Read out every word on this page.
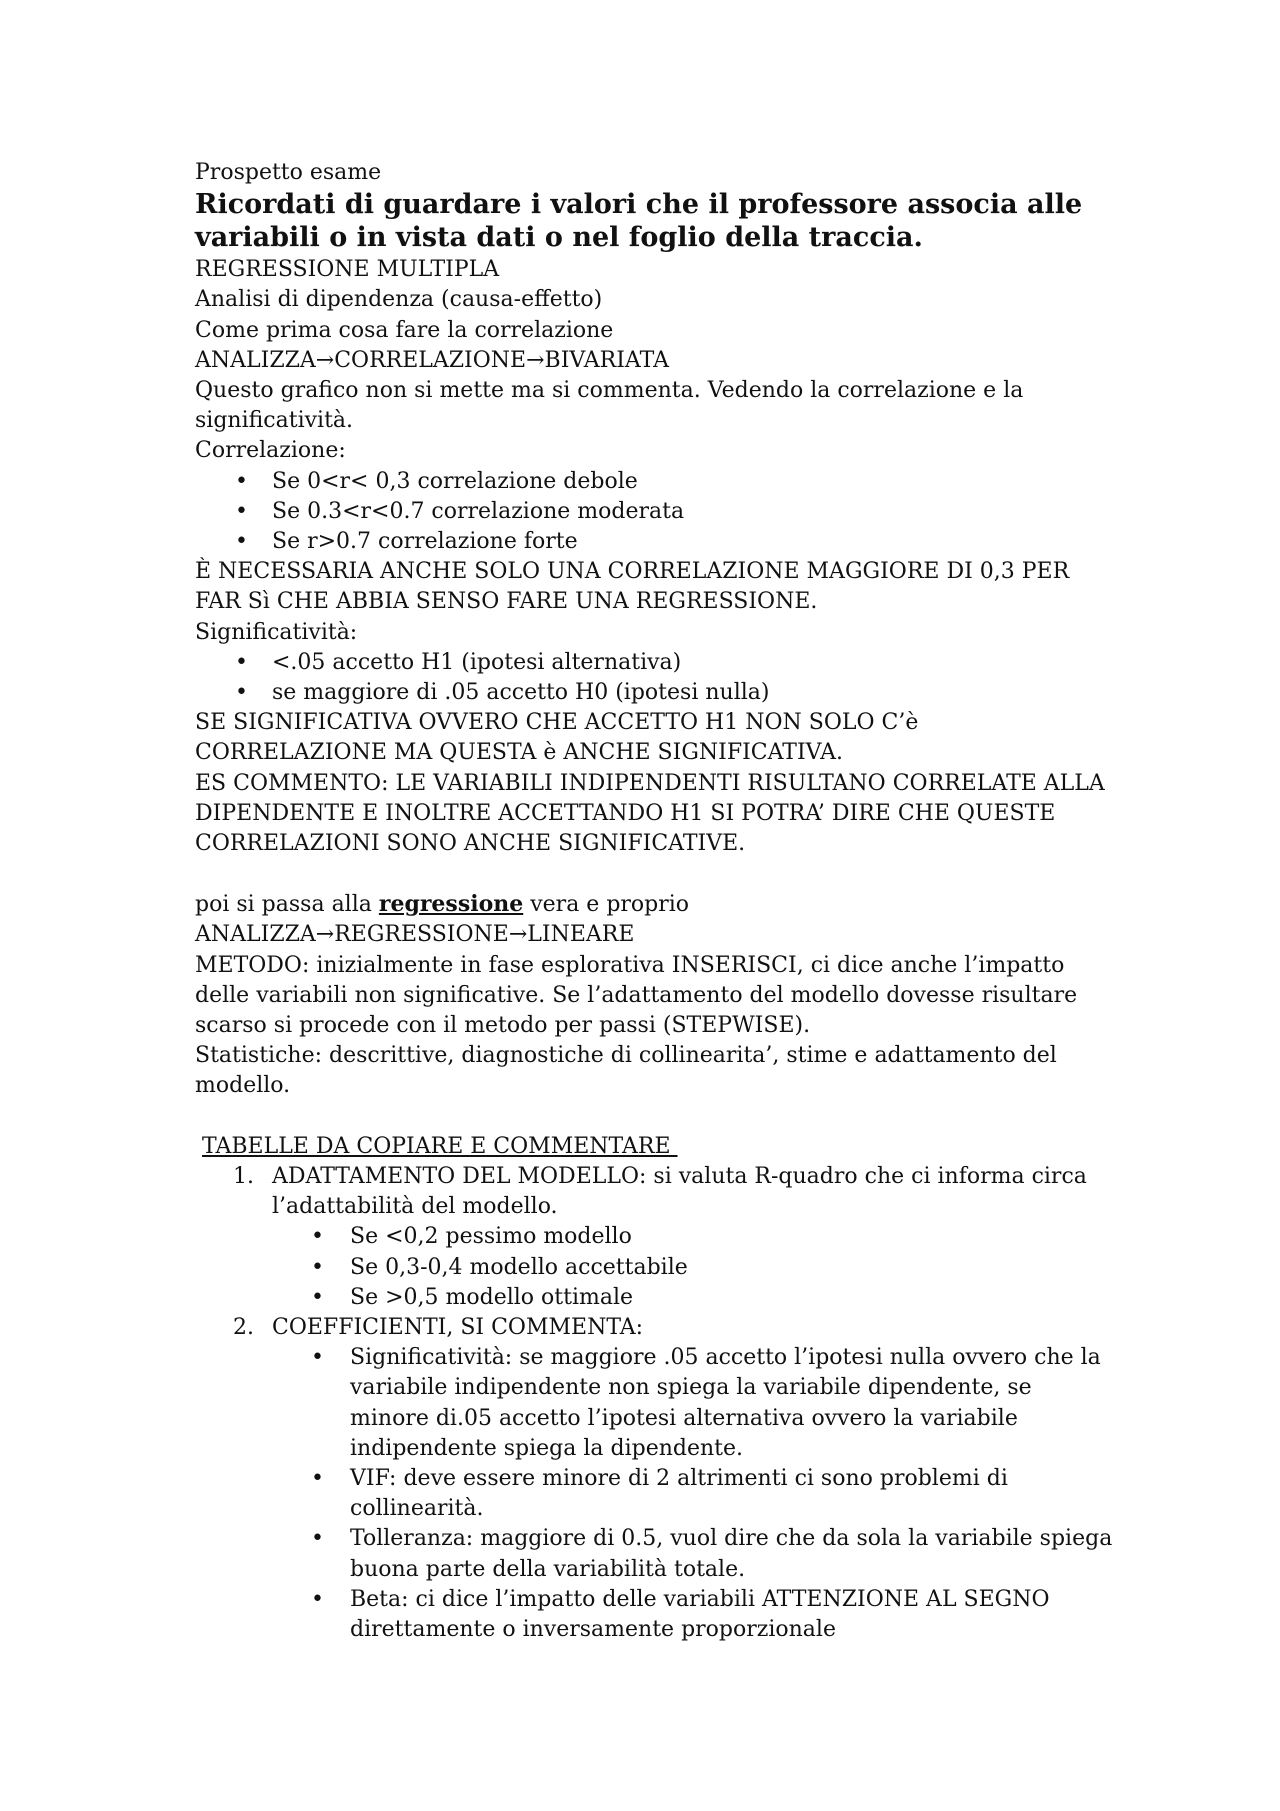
Prospetto esame
Ricordati di guardare i valori che il professore associa alle variabili o in vista dati o nel foglio della traccia.
REGRESSIONE MULTIPLA
Analisi di dipendenza (causa-effetto)
Come prima cosa fare la correlazione
ANALIZZA→CORRELAZIONE→BIVARIATA
Questo grafico non si mette ma si commenta. Vedendo la correlazione e la significatività.
Correlazione:
• Se 0<r< 0,3 correlazione debole
• Se 0.3<r<0.7 correlazione moderata
• Se r>0.7 correlazione forte
È NECESSARIA ANCHE SOLO UNA CORRELAZIONE MAGGIORE DI 0,3 PER FAR Sì CHE ABBIA SENSO FARE UNA REGRESSIONE.
Significatività:
• <.05 accetto H1 (ipotesi alternativa)
• se maggiore di .05 accetto H0 (ipotesi nulla)
SE SIGNIFICATIVA OVVERO CHE ACCETTO H1 NON SOLO C’è CORRELAZIONE MA QUESTA è ANCHE SIGNIFICATIVA.
ES COMMENTO: LE VARIABILI INDIPENDENTI RISULTANO CORRELATE ALLA DIPENDENTE E INOLTRE ACCETTANDO H1 SI POTRA’ DIRE CHE QUESTE CORRELAZIONI SONO ANCHE SIGNIFICATIVE.
poi si passa alla regressione vera e proprio
ANALIZZA→REGRESSIONE→LINEARE
METODO: inizialmente in fase esplorativa INSERISCI, ci dice anche l’impatto delle variabili non significative. Se l’adattamento del modello dovesse risultare scarso si procede con il metodo per passi (STEPWISE).
Statistiche: descrittive, diagnostiche di collinearita’, stime e adattamento del modello.
TABELLE DA COPIARE E COMMENTARE
1. ADATTAMENTO DEL MODELLO: si valuta R-quadro che ci informa circa l’adattabilità del modello.
• Se <0,2 pessimo modello
• Se 0,3-0,4 modello accettabile
• Se >0,5 modello ottimale
2. COEFFICIENTI, SI COMMENTA:
• Significatività: se maggiore .05 accetto l’ipotesi nulla ovvero che la variabile indipendente non spiega la variabile dipendente, se minore di.05 accetto l’ipotesi alternativa ovvero la variabile indipendente spiega la dipendente.
• VIF: deve essere minore di 2 altrimenti ci sono problemi di collinearità.
• Tolleranza: maggiore di 0.5, vuol dire che da sola la variabile spiega buona parte della variabilità totale.
• Beta: ci dice l’impatto delle variabili ATTENZIONE AL SEGNO direttamente o inversamente proporzionale
